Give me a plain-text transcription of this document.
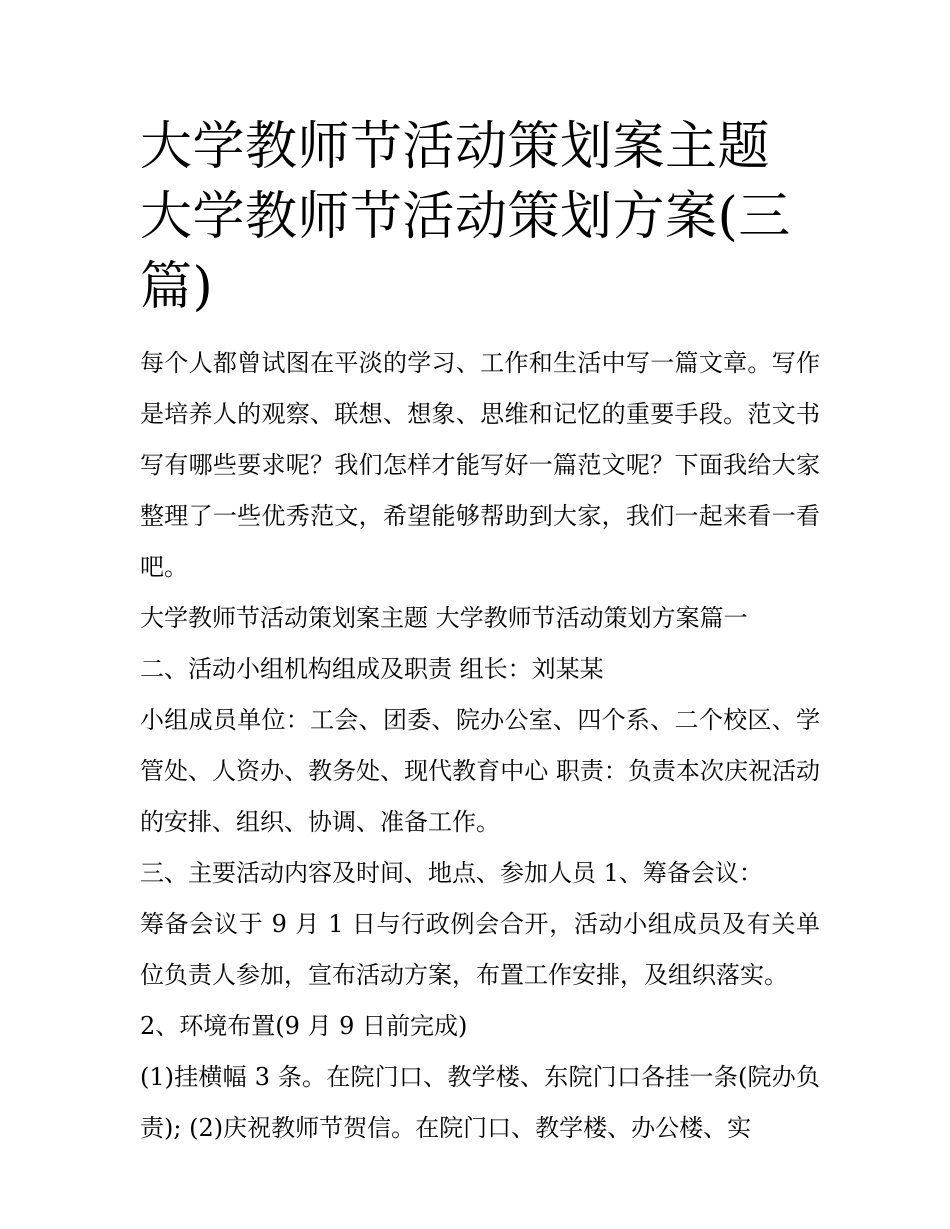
大学教师节活动策划案主题 大学教师节活动策划方案(三篇)

每个人都曾试图在平淡的学习、工作和生活中写一篇文章。写作是培养人的观察、联想、想象、思维和记忆的重要手段。范文书写有哪些要求呢？我们怎样才能写好一篇范文呢？下面我给大家整理了一些优秀范文，希望能够帮助到大家，我们一起来看一看吧。

大学教师节活动策划案主题 大学教师节活动策划方案篇一

二、活动小组机构组成及职责 组长：刘某某

小组成员单位：工会、团委、院办公室、四个系、二个校区、学管处、人资办、教务处、现代教育中心 职责：负责本次庆祝活动的安排、组织、协调、准备工作。

三、主要活动内容及时间、地点、参加人员 1、筹备会议：

筹备会议于 9 月 1 日与行政例会合开，活动小组成员及有关单位负责人参加，宣布活动方案，布置工作安排，及组织落实。

2、环境布置(9 月 9 日前完成)

(1)挂横幅 3 条。在院门口、教学楼、东院门口各挂一条(院办负责); (2)庆祝教师节贺信。在院门口、教学楼、办公楼、实
